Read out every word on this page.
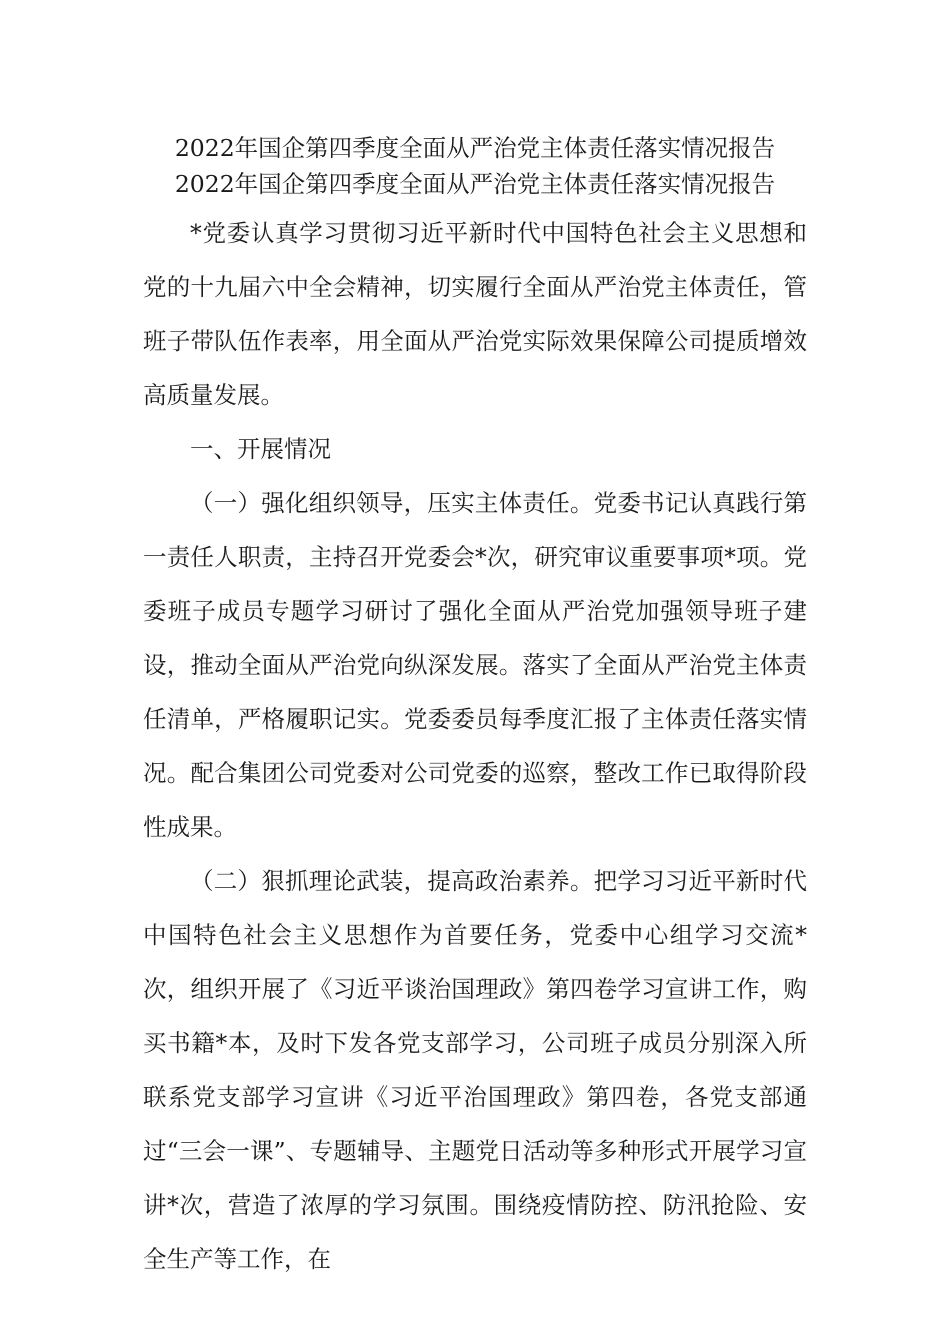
2022年国企第四季度全面从严治党主体责任落实情况报告
2022年国企第四季度全面从严治党主体责任落实情况报告

*党委认真学习贯彻习近平新时代中国特色社会主义思想和党的十九届六中全会精神，切实履行全面从严治党主体责任，管班子带队伍作表率，用全面从严治党实际效果保障公司提质增效高质量发展。

一、开展情况

（一）强化组织领导，压实主体责任。党委书记认真践行第一责任人职责，主持召开党委会*次，研究审议重要事项*项。党委班子成员专题学习研讨了强化全面从严治党加强领导班子建设，推动全面从严治党向纵深发展。落实了全面从严治党主体责任清单，严格履职记实。党委委员每季度汇报了主体责任落实情况。配合集团公司党委对公司党委的巡察，整改工作已取得阶段性成果。

（二）狠抓理论武装，提高政治素养。把学习习近平新时代中国特色社会主义思想作为首要任务，党委中心组学习交流*次，组织开展了《习近平谈治国理政》第四卷学习宣讲工作，购买书籍*本，及时下发各党支部学习，公司班子成员分别深入所联系党支部学习宣讲《习近平治国理政》第四卷，各党支部通过“三会一课”、专题辅导、主题党日活动等多种形式开展学习宣讲*次，营造了浓厚的学习氛围。围绕疫情防控、防汛抢险、安全生产等工作，在
